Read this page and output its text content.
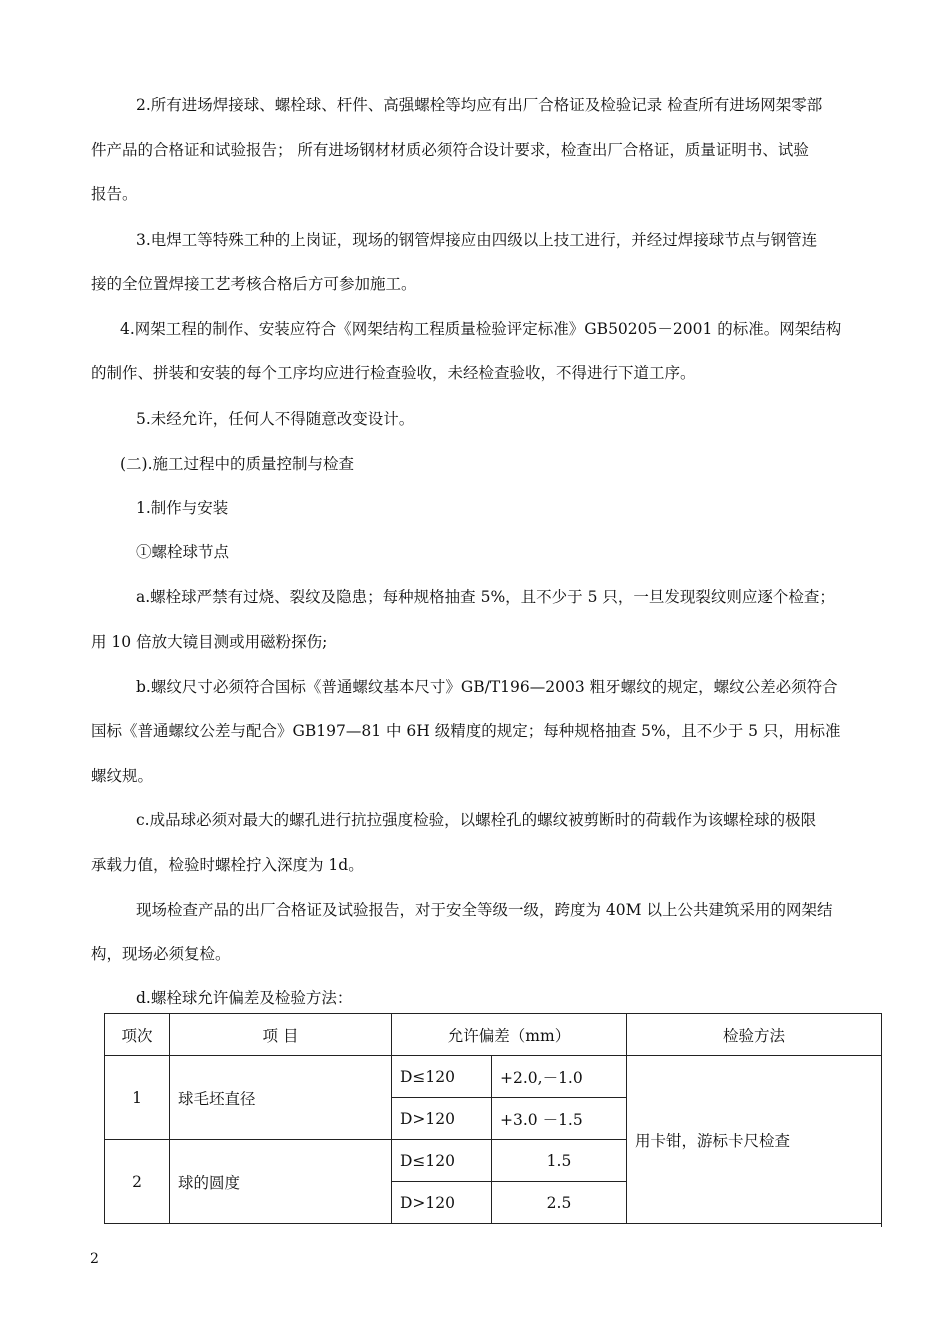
2.所有进场焊接球、螺栓球、杆件、高强螺栓等均应有出厂合格证及检验记录 检查所有进场网架零部
件产品的合格证和试验报告； 所有进场钢材材质必须符合设计要求，检查出厂合格证，质量证明书、试验
报告。
3.电焊工等特殊工种的上岗证，现场的钢管焊接应由四级以上技工进行，并经过焊接球节点与钢管连
接的全位置焊接工艺考核合格后方可参加施工。
4.网架工程的制作、安装应符合《网架结构工程质量检验评定标准》GB50205－2001 的标准。网架结构
的制作、拼装和安装的每个工序均应进行检查验收，未经检查验收，不得进行下道工序。
5.未经允许，任何人不得随意改变设计。
(二).施工过程中的质量控制与检查
1.制作与安装
①螺栓球节点
a.螺栓球严禁有过烧、裂纹及隐患；每种规格抽查 5%，且不少于 5 只，一旦发现裂纹则应逐个检查；
用 10 倍放大镜目测或用磁粉探伤;
b.螺纹尺寸必须符合国标《普通螺纹基本尺寸》GB/T196—2003 粗牙螺纹的规定，螺纹公差必须符合
国标《普通螺纹公差与配合》GB197—81 中 6H 级精度的规定；每种规格抽查 5%，且不少于 5 只，用标准
螺纹规。
c.成品球必须对最大的螺孔进行抗拉强度检验，以螺栓孔的螺纹被剪断时的荷载作为该螺栓球的极限
承载力值，检验时螺栓拧入深度为 1d。
现场检查产品的出厂合格证及试验报告，对于安全等级一级，跨度为 40M 以上公共建筑采用的网架结
构，现场必须复检。
d.螺栓球允许偏差及检验方法：
项次	项 目	允许偏差（mm）		检验方法
1	球毛坯直径	D≤120	+2.0,－1.0	用卡钳，游标卡尺检查
		D>120	+3.0 －1.5	
2	球的圆度	D≤120	1.5	
		D>120	2.5	
2
